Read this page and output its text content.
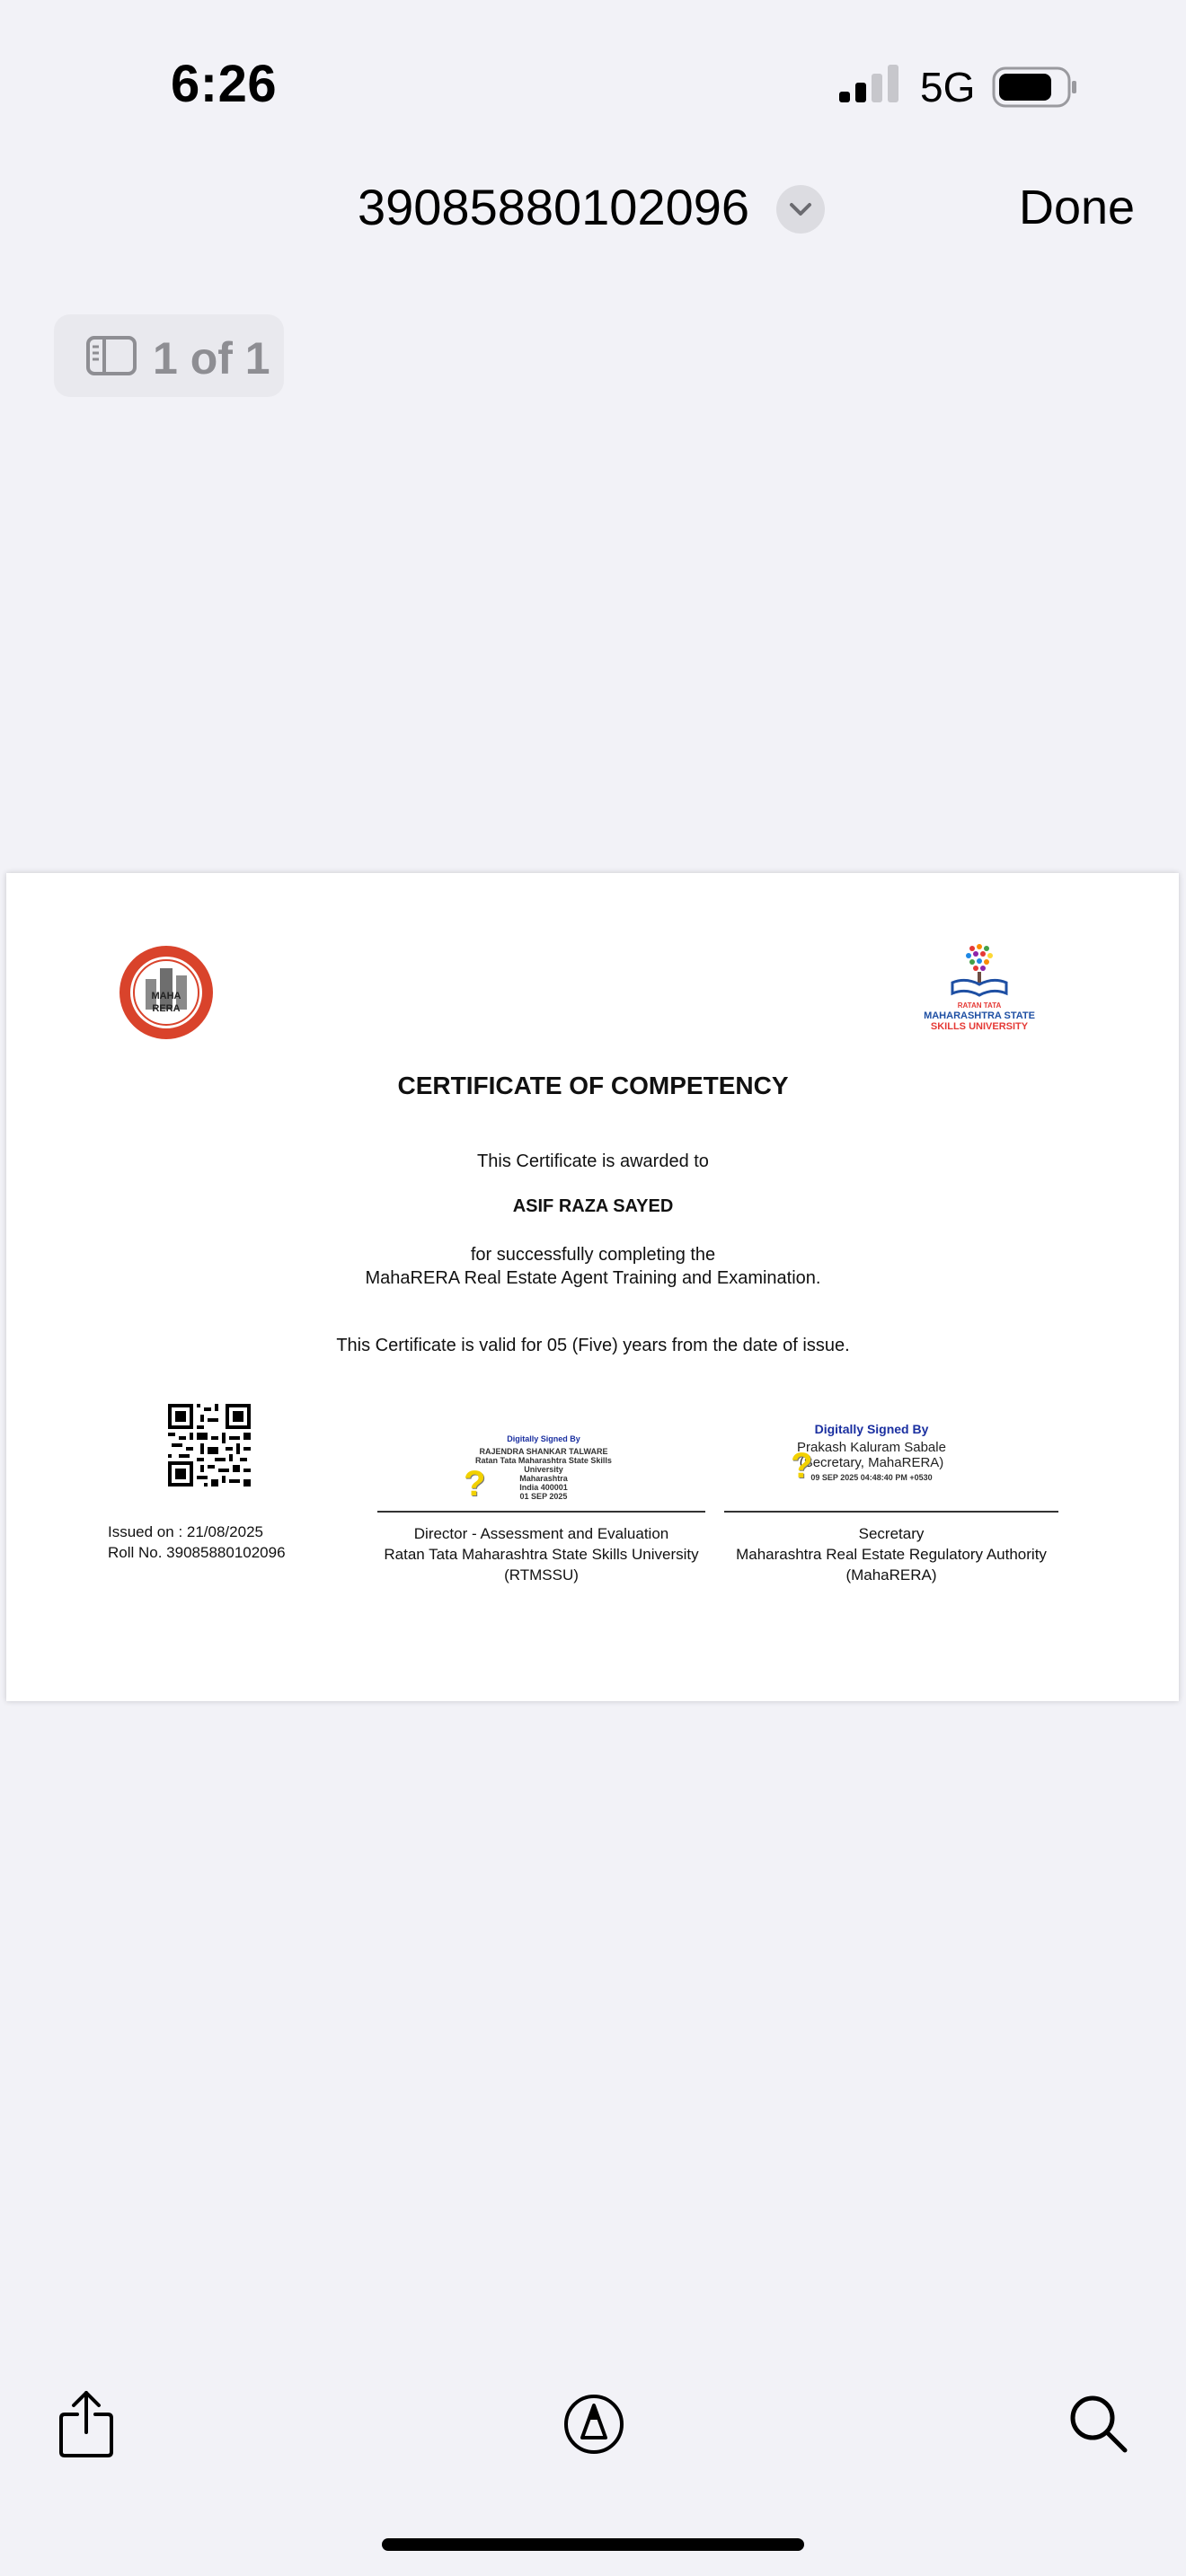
6:26	5G
39085880102096	Done
1 of 1
MAHA
RERA	RATAN TATA
MAHARASHTRA STATE
SKILLS UNIVERSITY
CERTIFICATE OF COMPETENCY
This Certificate is awarded to
ASIF RAZA SAYED
for successfully completing the
MahaRERA Real Estate Agent Training and Examination.
This Certificate is valid for 05 (Five) years from the date of issue.
Issued on : 21/08/2025
Roll No. 39085880102096
Digitally Signed By
RAJENDRA SHANKAR TALWARE
Ratan Tata Maharashtra State Skills
University
Maharashtra
India 400001
01 SEP 2025
?
Director - Assessment and Evaluation
Ratan Tata Maharashtra State Skills University
(RTMSSU)
Digitally Signed By
Prakash Kaluram Sabale
(Secretary, MahaRERA)
09 SEP 2025 04:48:40 PM +0530
?
Secretary
Maharashtra Real Estate Regulatory Authority
(MahaRERA)
